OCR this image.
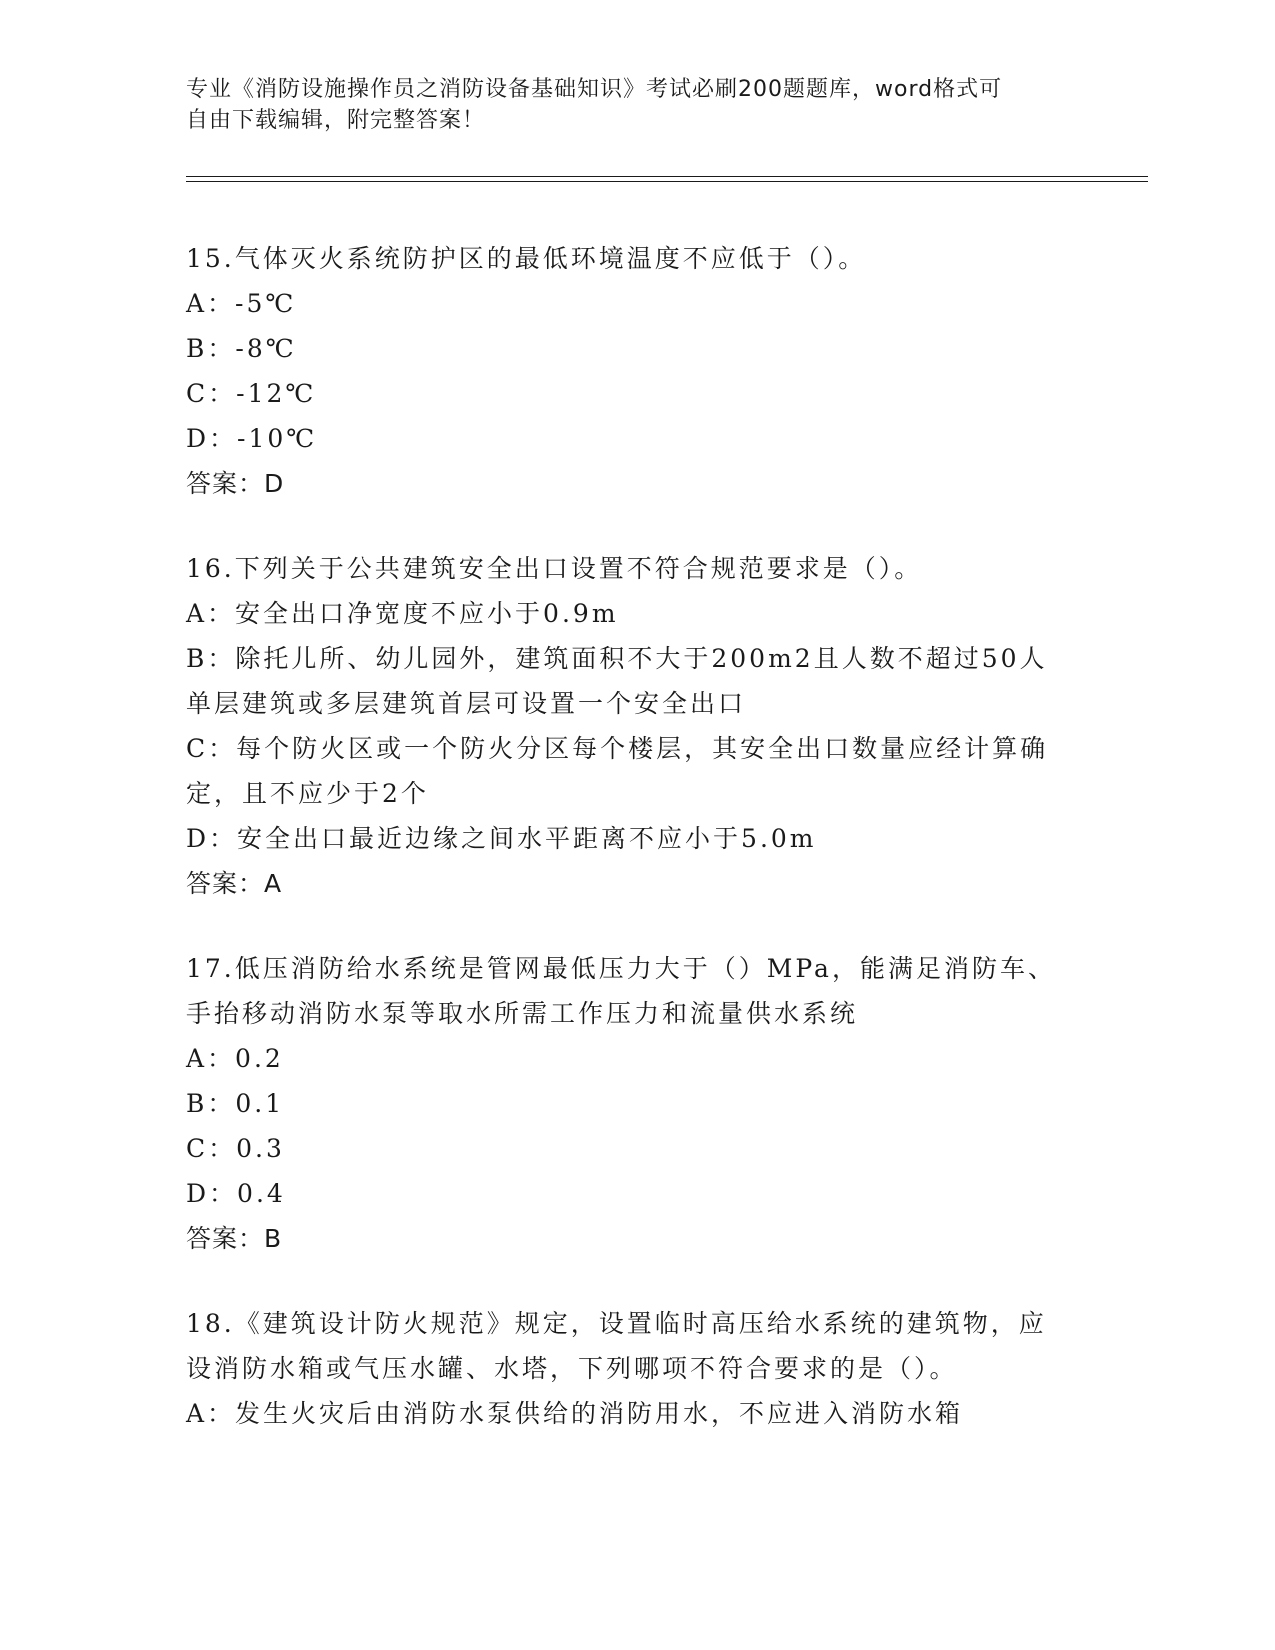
专业《消防设施操作员之消防设备基础知识》考试必刷200题题库，word格式可
自由下载编辑，附完整答案！
15.气体灭火系统防护区的最低环境温度不应低于（）。
A：-5℃
B：-8℃
C：-12℃
D：-10℃
答案：D
16.下列关于公共建筑安全出口设置不符合规范要求是（）。
A：安全出口净宽度不应小于0.9m
B：除托儿所、幼儿园外，建筑面积不大于200m2且人数不超过50人
单层建筑或多层建筑首层可设置一个安全出口
C：每个防火区或一个防火分区每个楼层，其安全出口数量应经计算确
定，且不应少于2个
D：安全出口最近边缘之间水平距离不应小于5.0m
答案：A
17.低压消防给水系统是管网最低压力大于（）MPa，能满足消防车、
手抬移动消防水泵等取水所需工作压力和流量供水系统
A：0.2
B：0.1
C：0.3
D：0.4
答案：B
18.《建筑设计防火规范》规定，设置临时高压给水系统的建筑物，应
设消防水箱或气压水罐、水塔，下列哪项不符合要求的是（）。
A：发生火灾后由消防水泵供给的消防用水，不应进入消防水箱
